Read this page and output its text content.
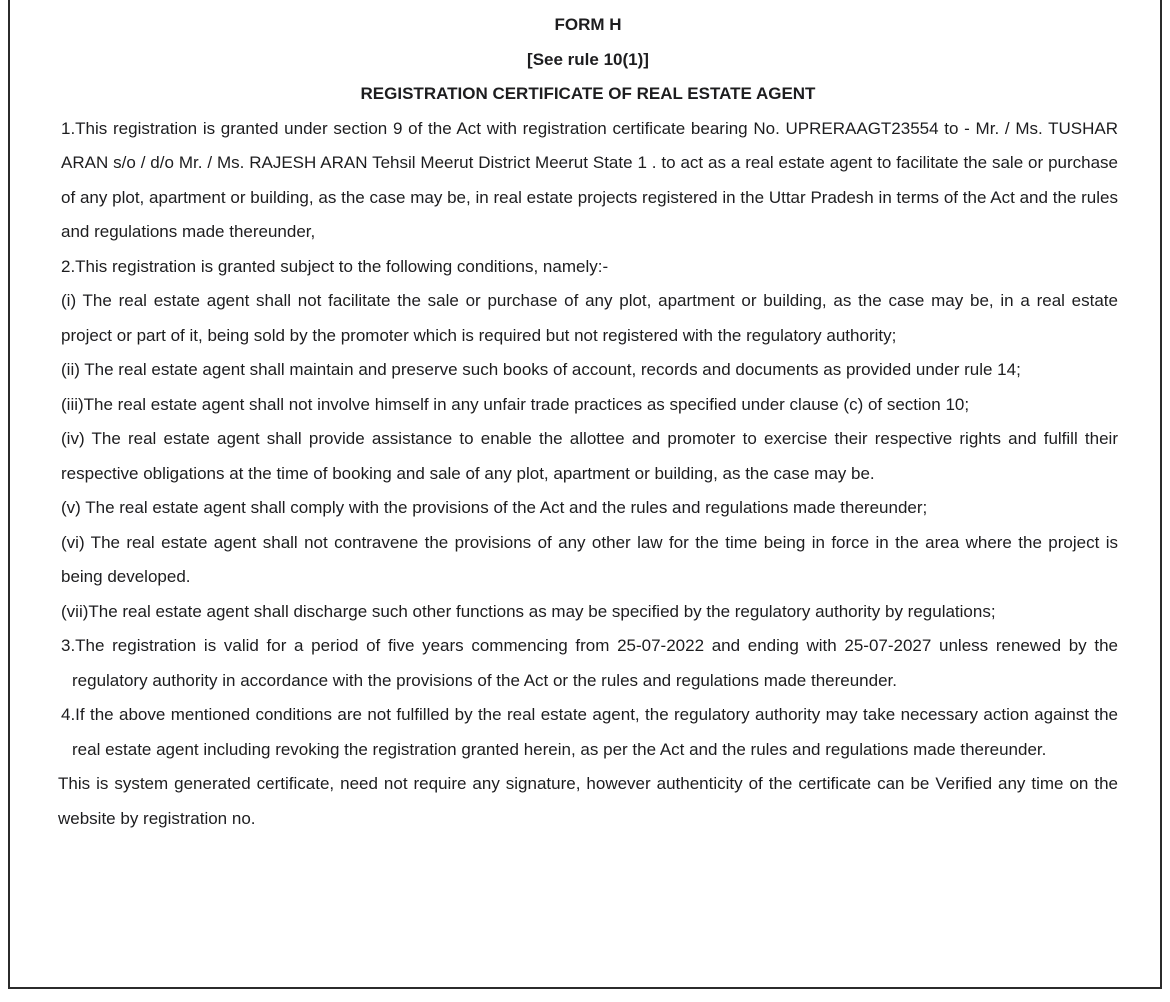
FORM H
[See rule 10(1)]
REGISTRATION CERTIFICATE OF REAL ESTATE AGENT

1.This registration is granted under section 9 of the Act with registration certificate bearing No. UPRERAAGT23554 to - Mr. / Ms. TUSHAR ARAN s/o / d/o Mr. / Ms. RAJESH ARAN Tehsil Meerut District Meerut State 1 . to act as a real estate agent to facilitate the sale or purchase of any plot, apartment or building, as the case may be, in real estate projects registered in the Uttar Pradesh in terms of the Act and the rules and regulations made thereunder,

2.This registration is granted subject to the following conditions, namely:-

(i) The real estate agent shall not facilitate the sale or purchase of any plot, apartment or building, as the case may be, in a real estate project or part of it, being sold by the promoter which is required but not registered with the regulatory authority;

(ii) The real estate agent shall maintain and preserve such books of account, records and documents as provided under rule 14;

(iii)The real estate agent shall not involve himself in any unfair trade practices as specified under clause (c) of section 10;

(iv) The real estate agent shall provide assistance to enable the allottee and promoter to exercise their respective rights and fulfill their respective obligations at the time of booking and sale of any plot, apartment or building, as the case may be.

(v) The real estate agent shall comply with the provisions of the Act and the rules and regulations made thereunder;

(vi) The real estate agent shall not contravene the provisions of any other law for the time being in force in the area where the project is being developed.

(vii)The real estate agent shall discharge such other functions as may be specified by the regulatory authority by regulations;

3.The registration is valid for a period of five years commencing from 25-07-2022 and ending with 25-07-2027 unless renewed by the regulatory authority in accordance with the provisions of the Act or the rules and regulations made thereunder.

4.If the above mentioned conditions are not fulfilled by the real estate agent, the regulatory authority may take necessary action against the real estate agent including revoking the registration granted herein, as per the Act and the rules and regulations made thereunder.

This is system generated certificate, need not require any signature, however authenticity of the certificate can be Verified any time on the website by registration no.
